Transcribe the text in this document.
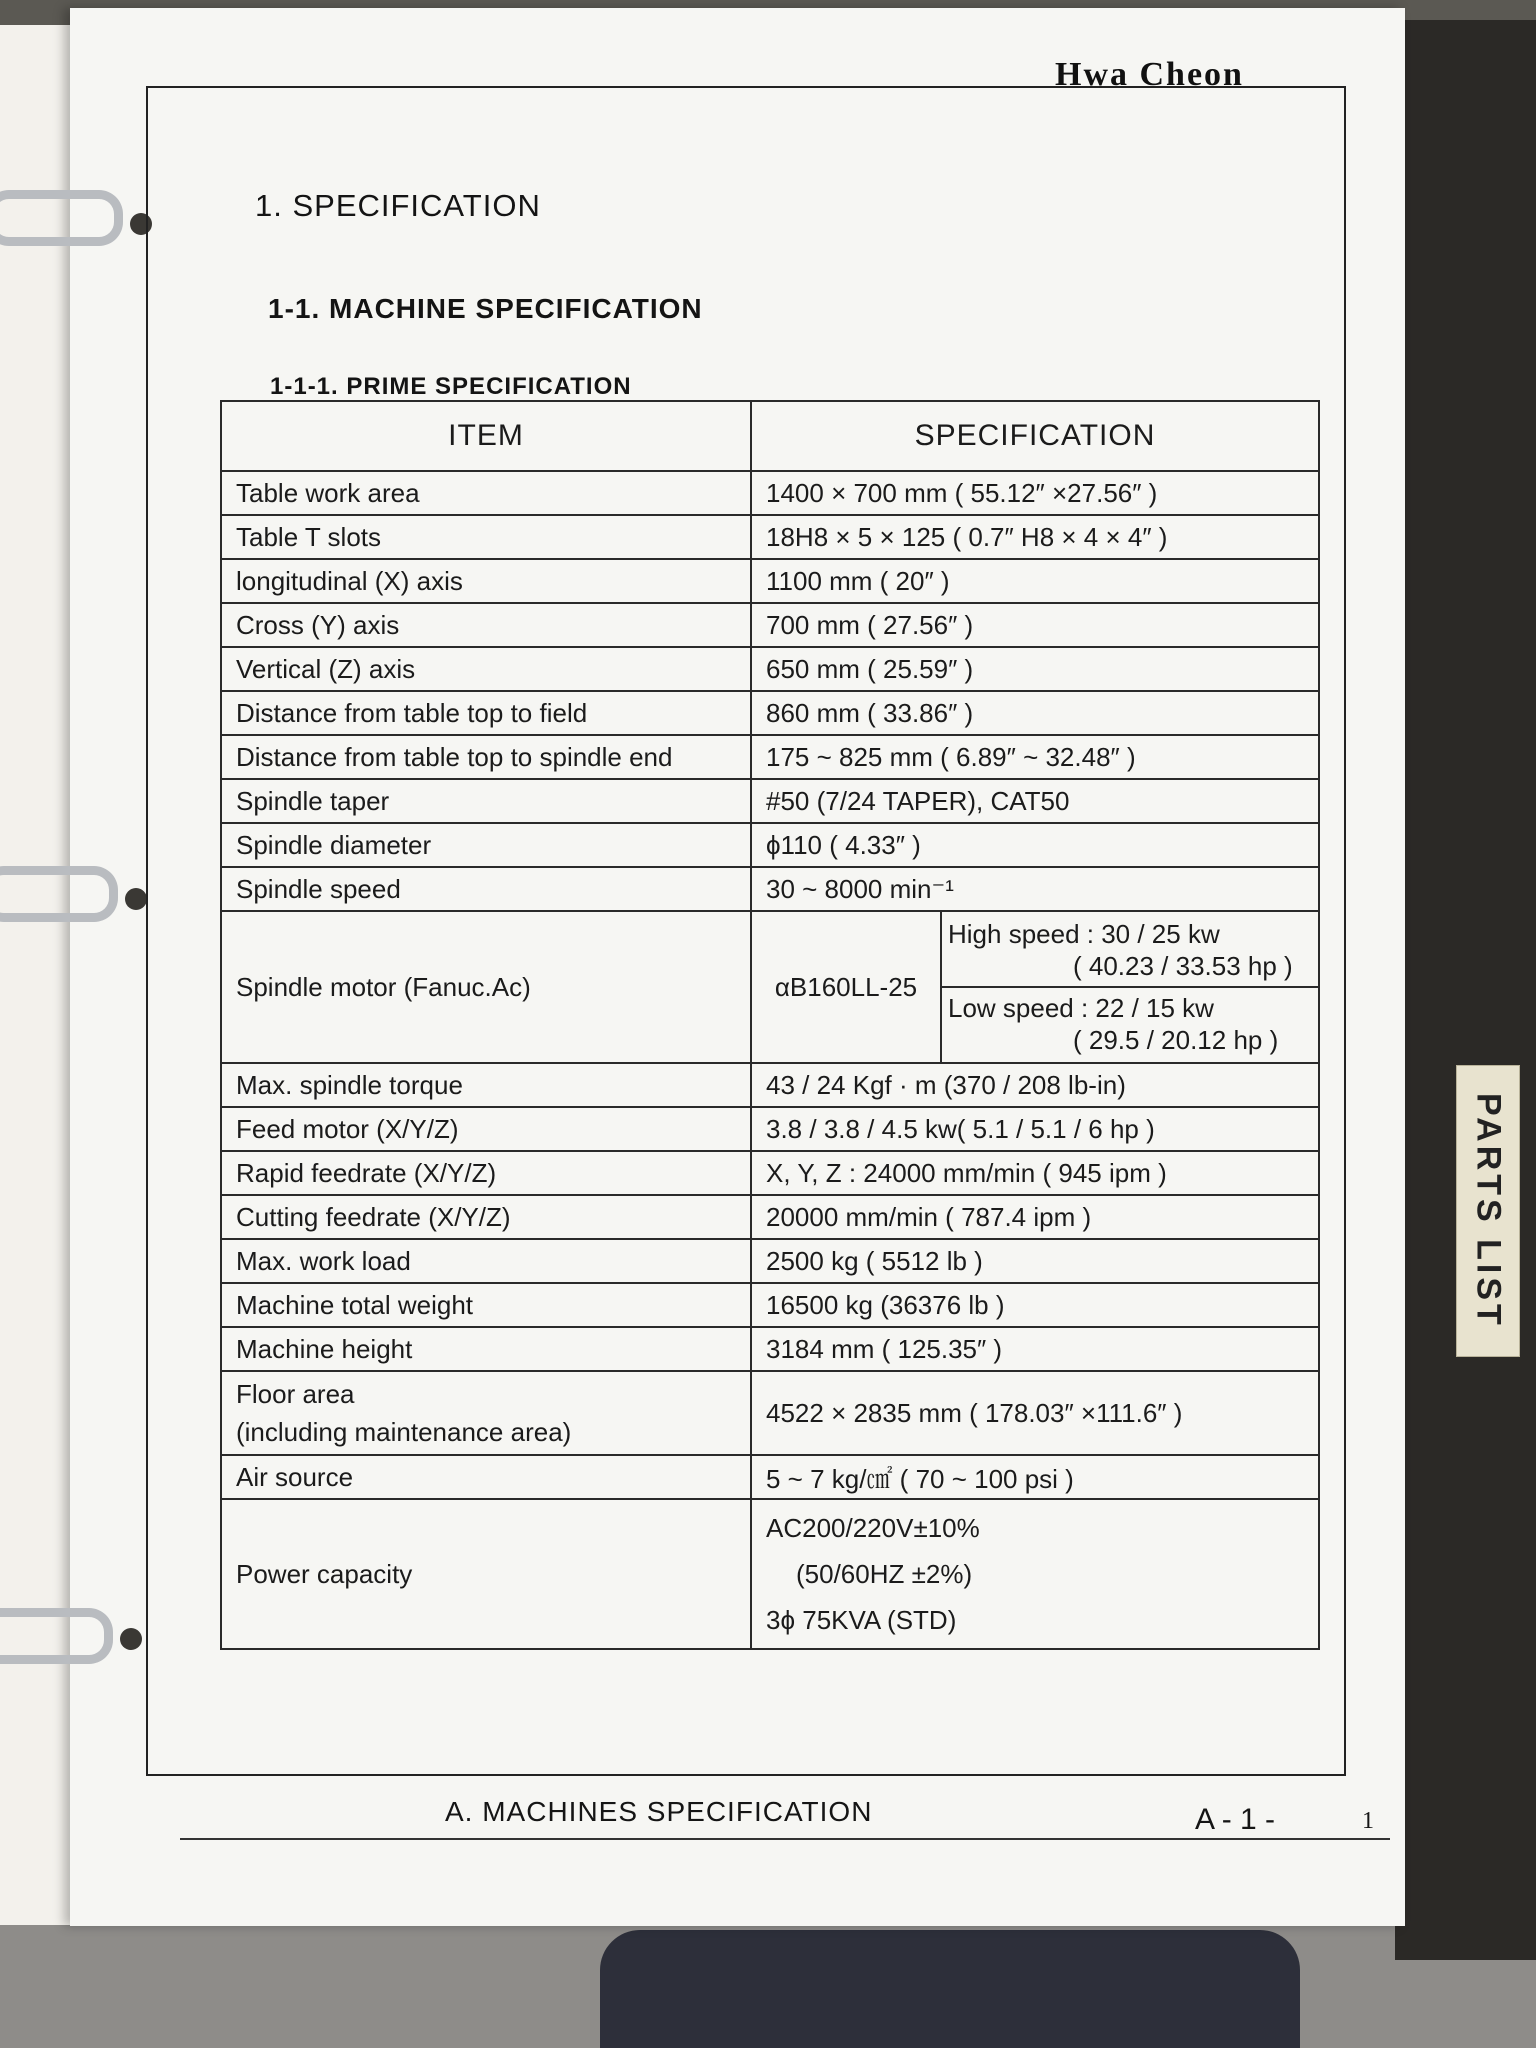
PARTS LIST
Hwa Cheon
1. SPECIFICATION
1-1. MACHINE SPECIFICATION
1-1-1. PRIME SPECIFICATION
ITEM	SPECIFICATION	
Table work area	1400 × 700 mm ( 55.12″ ×27.56″ )	
Table T slots	18H8 × 5 × 125 ( 0.7″ H8 × 4 × 4″ )	
longitudinal (X) axis	1100 mm ( 20″ )	
Cross (Y) axis	700 mm ( 27.56″ )	
Vertical (Z) axis	650 mm ( 25.59″ )	
Distance from table top to field	860 mm ( 33.86″ )	
Distance from table top to spindle end	175 ~ 825 mm ( 6.89″ ~ 32.48″ )	
Spindle taper	#50 (7/24 TAPER), CAT50	
Spindle diameter	ϕ110 ( 4.33″ )	
Spindle speed	30 ~ 8000 min⁻¹	
Spindle motor (Fanuc.Ac)	αB160LL-25	High speed : 30 / 25 kw
( 40.23 / 33.53 hp )
Low speed : 22 / 15 kw
( 29.5 / 20.12 hp )

Max. spindle torque	43 / 24 Kgf · m (370 / 208 lb-in)	
Feed motor (X/Y/Z)	3.8 / 3.8 / 4.5 kw( 5.1 / 5.1 / 6 hp )	
Rapid feedrate (X/Y/Z)	X, Y, Z : 24000 mm/min ( 945 ipm )	
Cutting feedrate (X/Y/Z)	20000 mm/min ( 787.4 ipm )	
Max. work load	2500 kg ( 5512 lb )	
Machine total weight	16500 kg (36376 lb )	
Machine height	3184 mm ( 125.35″ )	

Floor area
(including maintenance area)	4522 × 2835 mm ( 178.03″ ×111.6″ )	
Air source	5 ~ 7 kg/㎠ ( 70 ~ 100 psi )	
Power capacity	AC200/220V±10%
(50/60HZ ±2%)
3ϕ 75KVA (STD)	
A. MACHINES SPECIFICATION	A - 1 -	1
